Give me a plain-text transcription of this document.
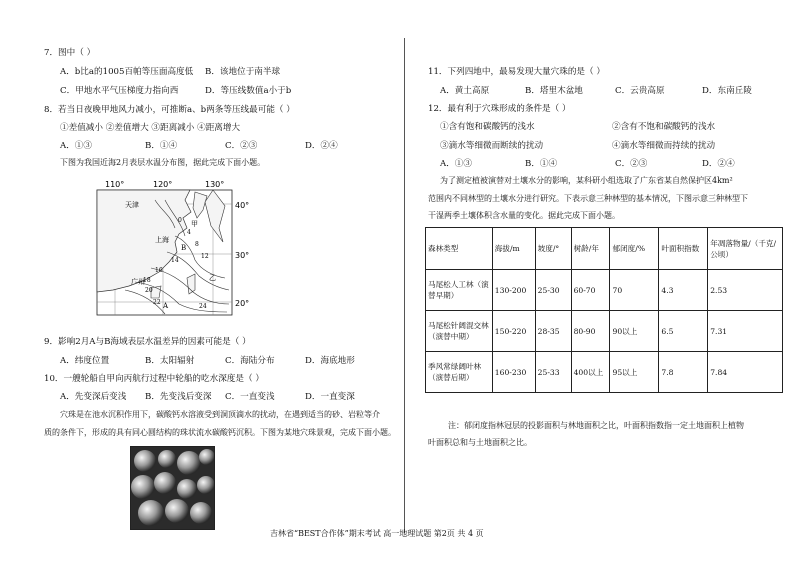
7．图中（ ）
A．b比a的1005百帕等压面高度低 B．该地位于南半球
C．甲地水平气压梯度力指向西	D．等压线数值a小于b
8．若当日夜晚甲地风力减小，可推断a、b两条等压线最可能（ ）
①差值减小 ②差值增大 ③距离减小 ④距离增大
A．①③	B．①④	C．②③	D．②④
下图为我国近海2月表层水温分布图，据此完成下面小题。
110°	120°	130°
0
4
8
12
14
16
18
20
22
24
天津
上海
广州
甲
乙
B
A
40°
30°
20°
9．影响2月A与B海域表层水温差异的因素可能是（ ）
A．纬度位置	B．太阳辐射	C．海陆分布	D．海底地形
10．一艘轮船自甲向丙航行过程中轮船的吃水深度是（ ）
A．先变深后变浅 B．先变浅后变深 C．一直变浅	D．一直变深
穴珠是在池水沉积作用下，碳酸钙水溶液受到洞顶滴水的扰动，在遇到适当的砂、岩粒等介
质的条件下，形成的具有同心圆结构的珠状流水碳酸钙沉积。下图为某地穴珠景观，完成下面小题。
11．下列四地中，最易发现大量穴珠的是（ ）
A．黄土高原	B．塔里木盆地	C．云贵高原	D．东南丘陵
12．最有利于穴珠形成的条件是（ ）
①含有饱和碳酸钙的浅水	②含有不饱和碳酸钙的浅水
③滴水等细微而断续的扰动	④滴水等细微而持续的扰动
A．①③	B．①④	C．②③	D．②④
为了测定植被演替对土壤水分的影响，某科研小组选取了广东省某自然保护区4km²
范围内不同林型的土壤水分进行研究。下表示意三种林型的基本情况，下图示意三种林型下
干湿两季土壤体积含水量的变化。据此完成下面小题。
森林类型	海拔/m	坡度/°	树龄/年	郁闭度/%	叶面积指数	年凋落物量/（千克/公顷）
马尾松人工林（演替早期）	130-200	25-30	60-70	70	4.3	2.53
马尾松针阔混交林（演替中期）	150-220	28-35	80-90	90以上	6.5	7.31
季风常绿阔叶林（演替后期）	160-230	25-33	400以上	95以上	7.8	7.84
注：郁闭度指林冠层的投影面积与林地面积之比，叶面积指数指一定土地面积上植物
叶面积总和与土地面积之比。
吉林省“BEST合作体”期末考试 高一地理试题 第2页 共 4 页
